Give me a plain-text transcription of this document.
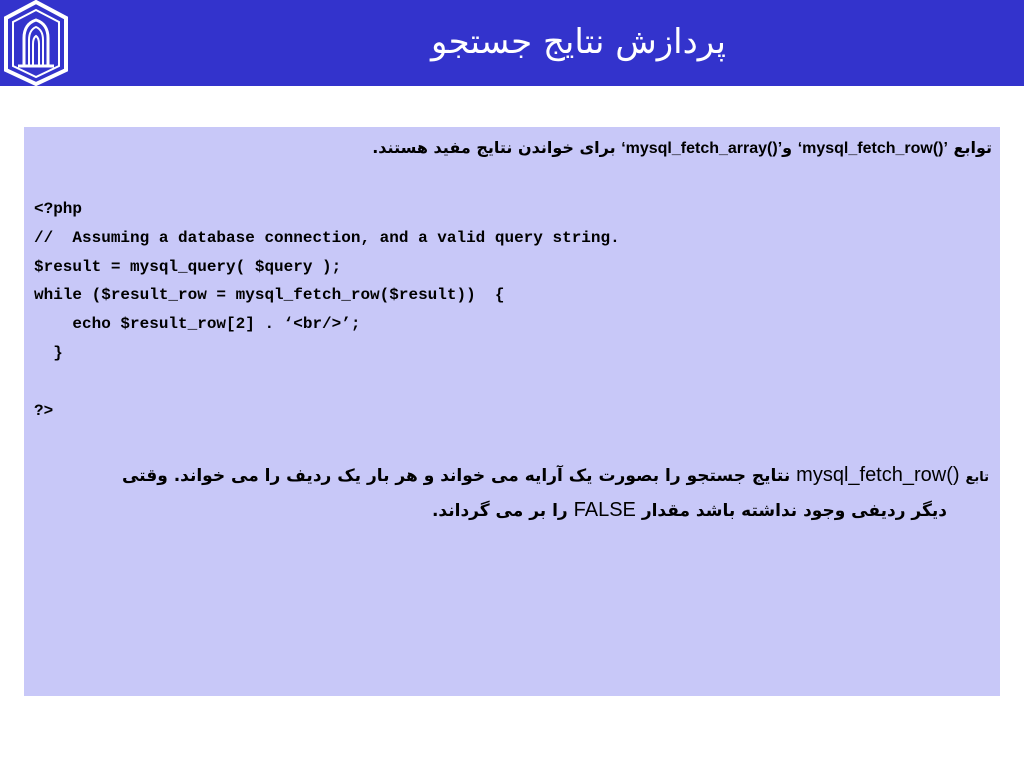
پردازش نتایج جستجو
توابع ‘mysql_fetch_row()’ و‘mysql_fetch_array()’ برای خواندن نتایج مفید هستند.
<?php
//  Assuming a database connection, and a valid query string.
$result = mysql_query( $query );
while ($result_row = mysql_fetch_row($result))  {
echo $result_row[2] . ‘<br/>’;
}
?>
تابع mysql_fetch_row() نتایج جستجو را بصورت یک آرایه می خواند و هر بار یک ردیف را می خواند. وقتی
دیگر ردیفی وجود نداشته باشد مقدار FALSE را بر می گرداند.
